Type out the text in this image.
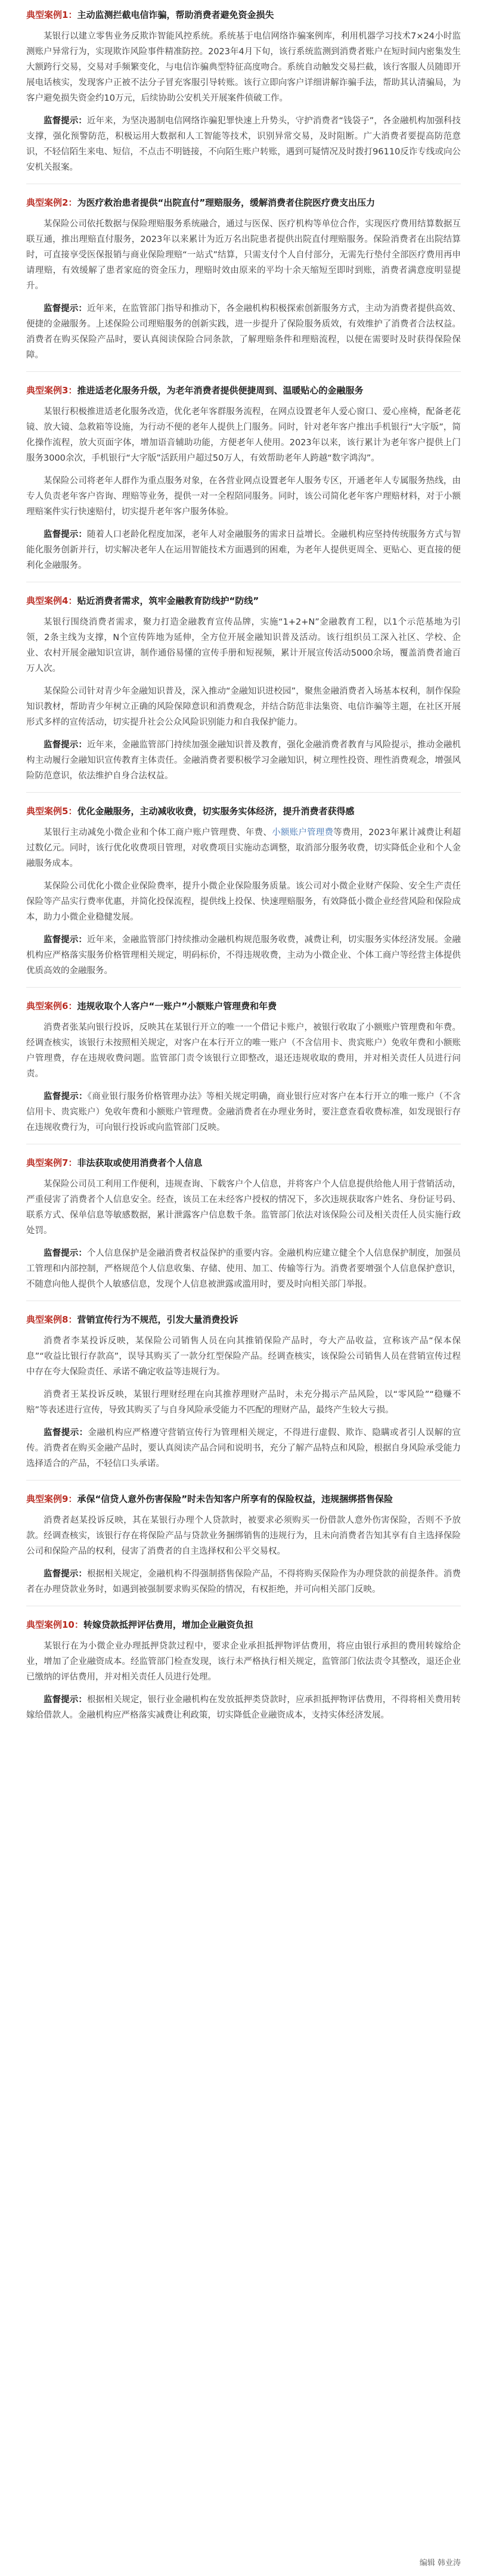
典型案例1：主动监测拦截电信诈骗，帮助消费者避免资金损失

某银行以建立零售业务反欺诈智能风控系统。系统基于电信网络诈骗案例库，利用机器学习技术7×24小时监测账户异常行为，实现欺诈风险事件精准防控。2023年4月下旬，该行系统监测到消费者账户在短时间内密集发生大额跨行交易，交易对手频繁变化，与电信诈骗典型特征高度吻合。系统自动触发交易拦截，该行客服人员随即开展电话核实，发现客户正被不法分子冒充客服引导转账。该行立即向客户详细讲解诈骗手法，帮助其认清骗局，为客户避免损失资金约10万元，后续协助公安机关开展案件侦破工作。

监督提示：近年来，为坚决遏制电信网络诈骗犯罪快速上升势头，守护消费者“钱袋子”，各金融机构加强科技支撑，强化预警防范，积极运用大数据和人工智能等技术，识别异常交易，及时阻断。广大消费者要提高防范意识，不轻信陌生来电、短信，不点击不明链接，不向陌生账户转账，遇到可疑情况及时拨打96110反诈专线或向公安机关报案。

典型案例2：为医疗救治患者提供“出院直付”理赔服务，缓解消费者住院医疗费支出压力

某保险公司依托数据与保险理赔服务系统融合，通过与医保、医疗机构等单位合作，实现医疗费用结算数据互联互通，推出理赔直付服务，2023年以来累计为近万名出院患者提供出院直付理赔服务。保险消费者在出院结算时，可直接享受医保报销与商业保险理赔“一站式”结算，只需支付个人自付部分，无需先行垫付全部医疗费用再申请理赔，有效缓解了患者家庭的资金压力，理赔时效由原来的平均十余天缩短至即时到账，消费者满意度明显提升。

监督提示：近年来，在监管部门指导和推动下，各金融机构积极探索创新服务方式，主动为消费者提供高效、便捷的金融服务。上述保险公司理赔服务的创新实践，进一步提升了保险服务质效，有效维护了消费者合法权益。消费者在购买保险产品时，要认真阅读保险合同条款，了解理赔条件和理赔流程，以便在需要时及时获得保险保障。

典型案例3：推进适老化服务升级，为老年消费者提供便捷周到、温暖贴心的金融服务

某银行积极推进适老化服务改造，优化老年客群服务流程，在网点设置老年人爱心窗口、爱心座椅，配备老花镜、放大镜、急救箱等设施，为行动不便的老年人提供上门服务。同时，针对老年客户推出手机银行“大字版”，简化操作流程，放大页面字体，增加语音辅助功能，方便老年人使用。2023年以来，该行累计为老年客户提供上门服务3000余次，手机银行“大字版”活跃用户超过50万人，有效帮助老年人跨越“数字鸿沟”。

某保险公司将老年人群作为重点服务对象，在各营业网点设置老年人服务专区，开通老年人专属服务热线，由专人负责老年客户咨询、理赔等业务，提供一对一全程陪同服务。同时，该公司简化老年客户理赔材料，对于小额理赔案件实行快速赔付，切实提升老年客户服务体验。

监督提示：随着人口老龄化程度加深，老年人对金融服务的需求日益增长。金融机构应坚持传统服务方式与智能化服务创新并行，切实解决老年人在运用智能技术方面遇到的困难，为老年人提供更周全、更贴心、更直接的便利化金融服务。

典型案例4：贴近消费者需求，筑牢金融教育防线护“防线”

某银行围绕消费者需求，聚力打造金融教育宣传品牌，实施“1+2+N”金融教育工程，以1个示范基地为引领，2条主线为支撑，N个宣传阵地为延伸，全方位开展金融知识普及活动。该行组织员工深入社区、学校、企业、农村开展金融知识宣讲，制作通俗易懂的宣传手册和短视频，累计开展宣传活动5000余场，覆盖消费者逾百万人次。

某保险公司针对青少年金融知识普及，深入推动“金融知识进校园”，聚焦金融消费者入场基本权利，制作保险知识教材，帮助青少年树立正确的风险保障意识和消费观念，并结合防范非法集资、电信诈骗等主题，在社区开展形式多样的宣传活动，切实提升社会公众风险识别能力和自我保护能力。

监督提示：近年来，金融监管部门持续加强金融知识普及教育，强化金融消费者教育与风险提示，推动金融机构主动履行金融知识宣传教育主体责任。金融消费者要积极学习金融知识，树立理性投资、理性消费观念，增强风险防范意识，依法维护自身合法权益。

典型案例5：优化金融服务，主动减收收费，切实服务实体经济，提升消费者获得感

某银行主动减免小微企业和个体工商户账户管理费、年费、小额账户管理费等费用，2023年累计减费让利超过数亿元。同时，该行优化收费项目管理，对收费项目实施动态调整，取消部分服务收费，切实降低企业和个人金融服务成本。

某保险公司优化小微企业保险费率，提升小微企业保险服务质量。该公司对小微企业财产保险、安全生产责任保险等产品实行费率优惠，并简化投保流程，提供线上投保、快速理赔服务，有效降低小微企业经营风险和保险成本，助力小微企业稳健发展。

监督提示：近年来，金融监管部门持续推动金融机构规范服务收费，减费让利，切实服务实体经济发展。金融机构应严格落实服务价格管理相关规定，明码标价，不得违规收费，主动为小微企业、个体工商户等经营主体提供优质高效的金融服务。

典型案例6：违规收取个人客户“一账户”小额账户管理费和年费

消费者张某向银行投诉，反映其在某银行开立的唯一一个借记卡账户，被银行收取了小额账户管理费和年费。经调查核实，该银行未按照相关规定，对客户在本行开立的唯一账户（不含信用卡、贵宾账户）免收年费和小额账户管理费，存在违规收费问题。监管部门责令该银行立即整改，退还违规收取的费用，并对相关责任人员进行问责。

监督提示：《商业银行服务价格管理办法》等相关规定明确，商业银行应对客户在本行开立的唯一账户（不含信用卡、贵宾账户）免收年费和小额账户管理费。金融消费者在办理业务时，要注意查看收费标准，如发现银行存在违规收费行为，可向银行投诉或向监管部门反映。

典型案例7：非法获取或使用消费者个人信息

某保险公司员工利用工作便利，违规查询、下载客户个人信息，并将客户个人信息提供给他人用于营销活动，严重侵害了消费者个人信息安全。经查，该员工在未经客户授权的情况下，多次违规获取客户姓名、身份证号码、联系方式、保单信息等敏感数据，累计泄露客户信息数千条。监管部门依法对该保险公司及相关责任人员实施行政处罚。

监督提示：个人信息保护是金融消费者权益保护的重要内容。金融机构应建立健全个人信息保护制度，加强员工管理和内部控制，严格规范个人信息收集、存储、使用、加工、传输等行为。消费者要增强个人信息保护意识，不随意向他人提供个人敏感信息，发现个人信息被泄露或滥用时，要及时向相关部门举报。

典型案例8：营销宣传行为不规范，引发大量消费投诉

消费者李某投诉反映，某保险公司销售人员在向其推销保险产品时，夸大产品收益，宣称该产品“保本保息”“收益比银行存款高”，误导其购买了一款分红型保险产品。经调查核实，该保险公司销售人员在营销宣传过程中存在夸大保险责任、承诺不确定收益等违规行为。

消费者王某投诉反映，某银行理财经理在向其推荐理财产品时，未充分揭示产品风险，以“零风险”“稳赚不赔”等表述进行宣传，导致其购买了与自身风险承受能力不匹配的理财产品，最终产生较大亏损。

监督提示：金融机构应严格遵守营销宣传行为管理相关规定，不得进行虚假、欺诈、隐瞒或者引人误解的宣传。消费者在购买金融产品时，要认真阅读产品合同和说明书，充分了解产品特点和风险，根据自身风险承受能力选择适合的产品，不轻信口头承诺。

典型案例9：承保“信贷人意外伤害保险”时未告知客户所享有的保险权益，违规捆绑搭售保险

消费者赵某投诉反映，其在某银行办理个人贷款时，被要求必须购买一份借款人意外伤害保险，否则不予放款。经调查核实，该银行存在将保险产品与贷款业务捆绑销售的违规行为，且未向消费者告知其享有自主选择保险公司和保险产品的权利，侵害了消费者的自主选择权和公平交易权。

监督提示：根据相关规定，金融机构不得强制搭售保险产品，不得将购买保险作为办理贷款的前提条件。消费者在办理贷款业务时，如遇到被强制要求购买保险的情况，有权拒绝，并可向相关部门反映。

典型案例10：转嫁贷款抵押评估费用，增加企业融资负担

某银行在为小微企业办理抵押贷款过程中，要求企业承担抵押物评估费用，将应由银行承担的费用转嫁给企业，增加了企业融资成本。经监管部门检查发现，该行未严格执行相关规定，监管部门依法责令其整改，退还企业已缴纳的评估费用，并对相关责任人员进行处理。

监督提示：根据相关规定，银行业金融机构在发放抵押类贷款时，应承担抵押物评估费用，不得将相关费用转嫁给借款人。金融机构应严格落实减费让利政策，切实降低企业融资成本，支持实体经济发展。

编辑 韩业涛
